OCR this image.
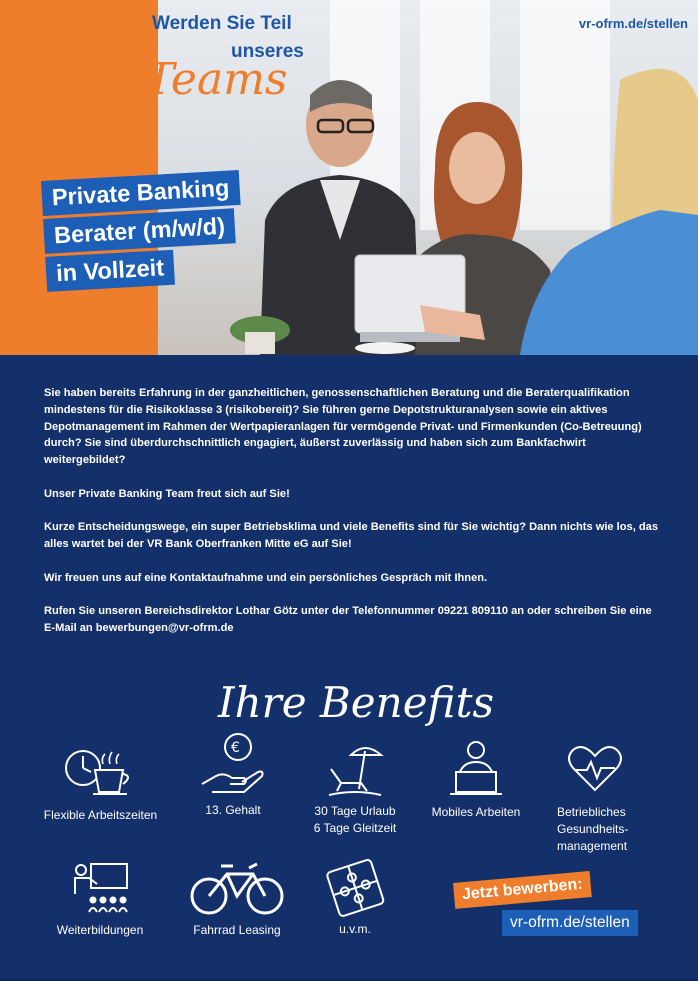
Werden Sie Teil
unseres
Teams
vr-ofrm.de/stellen
Private Banking
Berater (m/w/d)
in Vollzeit

Sie haben bereits Erfahrung in der ganzheitlichen, genossenschaftlichen Beratung und die Beraterqualifikation mindestens für die Risikoklasse 3 (risikobereit)? Sie führen gerne Depotstrukturanalysen sowie ein aktives Depotmanagement im Rahmen der Wertpapieranlagen für vermögende Privat- und Firmenkunden (Co-Betreuung) durch? Sie sind überdurchschnittlich engagiert, äußerst zuverlässig und haben sich zum Bankfachwirt weitergebildet?

Unser Private Banking Team freut sich auf Sie!

Kurze Entscheidungswege, ein super Betriebsklima und viele Benefits sind für Sie wichtig? Dann nichts wie los, das alles wartet bei der VR Bank Oberfranken Mitte eG auf Sie!

Wir freuen uns auf eine Kontaktaufnahme und ein persönliches Gespräch mit Ihnen.

Rufen Sie unseren Bereichsdirektor Lothar Götz unter der Telefonnummer 09221 809110 an oder schreiben Sie eine E-Mail an bewerbungen@vr-ofrm.de

Ihre Benefits
Flexible Arbeitszeiten
€
13. Gehalt	30 Tage Urlaub
6 Tage Gleitzeit
Mobiles Arbeiten	Betriebliches
Gesundheits-
management
Weiterbildungen	Fahrrad Leasing	u.v.m.
Jetzt bewerben:
vr-ofrm.de/stellen
